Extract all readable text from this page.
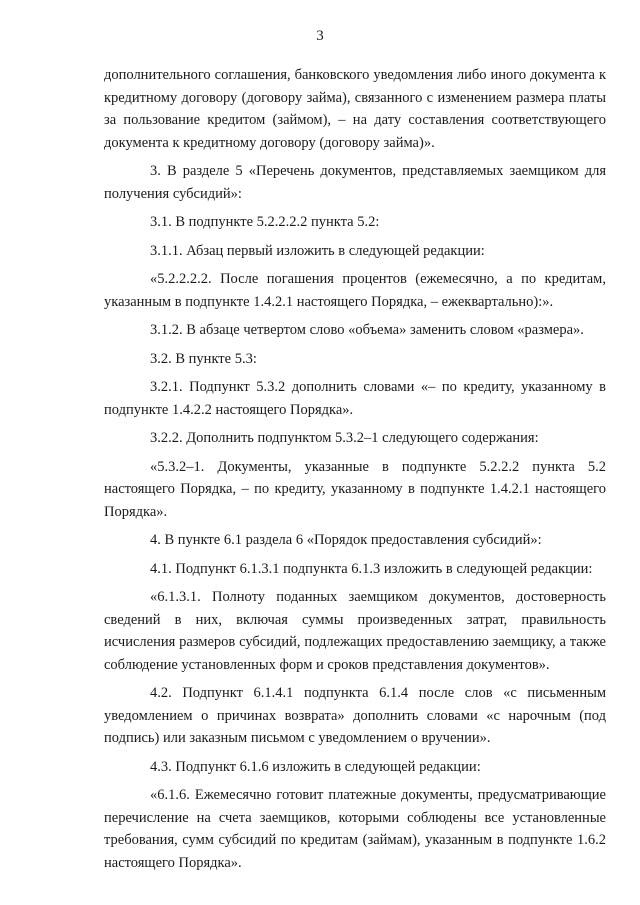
3

дополнительного соглашения, банковского уведомления либо иного документа к кредитному договору (договору займа), связанного с изменением размера платы за пользование кредитом (займом), – на дату составления соответствующего документа к кредитному договору (договору займа)».

3. В разделе 5 «Перечень документов, представляемых заемщиком для получения субсидий»:

3.1. В подпункте 5.2.2.2.2 пункта 5.2:

3.1.1. Абзац первый изложить в следующей редакции:

«5.2.2.2.2. После погашения процентов (ежемесячно, а по кредитам, указанным в подпункте 1.4.2.1 настоящего Порядка, – ежеквартально):».

3.1.2. В абзаце четвертом слово «объема» заменить словом «размера».

3.2. В пункте 5.3:

3.2.1. Подпункт 5.3.2 дополнить словами «– по кредиту, указанному в подпункте 1.4.2.2 настоящего Порядка».

3.2.2. Дополнить подпунктом 5.3.2–1 следующего содержания:

«5.3.2–1. Документы, указанные в подпункте 5.2.2.2 пункта 5.2 настоящего Порядка, – по кредиту, указанному в подпункте 1.4.2.1 настоящего Порядка».

4. В пункте 6.1 раздела 6 «Порядок предоставления субсидий»:

4.1. Подпункт 6.1.3.1 подпункта 6.1.3 изложить в следующей редакции:

«6.1.3.1. Полноту поданных заемщиком документов, достоверность сведений в них, включая суммы произведенных затрат, правильность исчисления размеров субсидий, подлежащих предоставлению заемщику, а также соблюдение установленных форм и сроков представления документов».

4.2. Подпункт 6.1.4.1 подпункта 6.1.4 после слов «с письменным уведомлением о причинах возврата» дополнить словами «с нарочным (под подпись) или заказным письмом с уведомлением о вручении».

4.3. Подпункт 6.1.6 изложить в следующей редакции:

«6.1.6. Ежемесячно готовит платежные документы, предусматривающие перечисление на счета заемщиков, которыми соблюдены все установленные требования, сумм субсидий по кредитам (займам), указанным в подпункте 1.6.2 настоящего Порядка».
